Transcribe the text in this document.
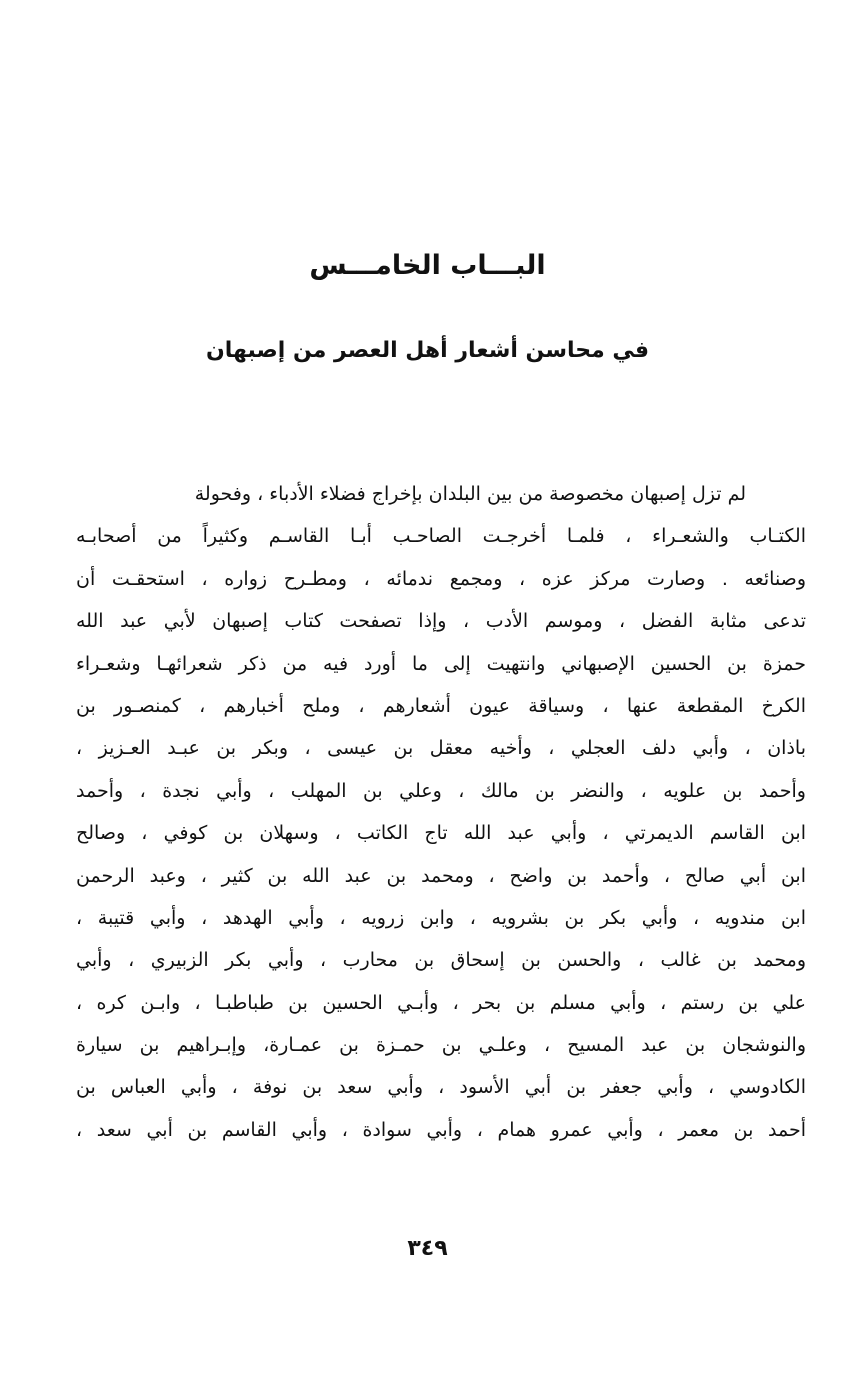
البـــاب الخامـــس
في محاسن أشعار أهل العصر من إصبهان
لم تزل إصبهان مخصوصة من بين البلدان بإخراج فضلاء الأدباء ، وفحولة
الكتـاب والشعـراء ، فلمـا أخرجـت الصاحـب أبـا القاسـم وكثيراً من أصحابـه
وصنائعه . وصارت مركز عزه ، ومجمع ندمائه ، ومطـرح زواره ، استحقـت أن
تدعى مثابة الفضل ، وموسم الأدب ، وإذا تصفحت كتاب إصبهان لأبي عبد الله
حمزة بن الحسين الإصبهاني وانتهيت إلى ما أورد فيه من ذكر شعرائهـا وشعـراء
الكرخ المقطعة عنها ، وسياقة عيون أشعارهم ، وملح أخبارهم ، كمنصـور بن
باذان ، وأبي دلف العجلي ، وأخيه معقل بن عيسى ، وبكر بن عبـد العـزيز ،
وأحمد بن علويه ، والنضر بن مالك ، وعلي بن المهلب ، وأبي نجدة ، وأحمد
ابن القاسم الديمرتي ، وأبي عبد الله تاج الكاتب ، وسهلان بن كوفي ، وصالح
ابن أبي صالح ، وأحمد بن واضح ، ومحمد بن عبد الله بن كثير ، وعبد الرحمن
ابن مندويه ، وأبي بكر بن بشرويه ، وابن زرويه ، وأبي الهدهد ، وأبي قتيبة ،
ومحمد بن غالب ، والحسن بن إسحاق بن محارب ، وأبي بكر الزبيري ، وأبي
علي بن رستم ، وأبي مسلم بن بحر ، وأبـي الحسين بن طباطبـا ، وابـن كره ،
والنوشجان بن عبد المسيح ، وعلـي بن حمـزة بن عمـارة، وإبـراهيم بن سيارة
الكادوسي ، وأبي جعفر بن أبي الأسود ، وأبي سعد بن نوفة ، وأبي العباس بن
أحمد بن معمر ، وأبي عمرو همام ، وأبي سوادة ، وأبي القاسم بن أبي سعد ،
٣٤٩
